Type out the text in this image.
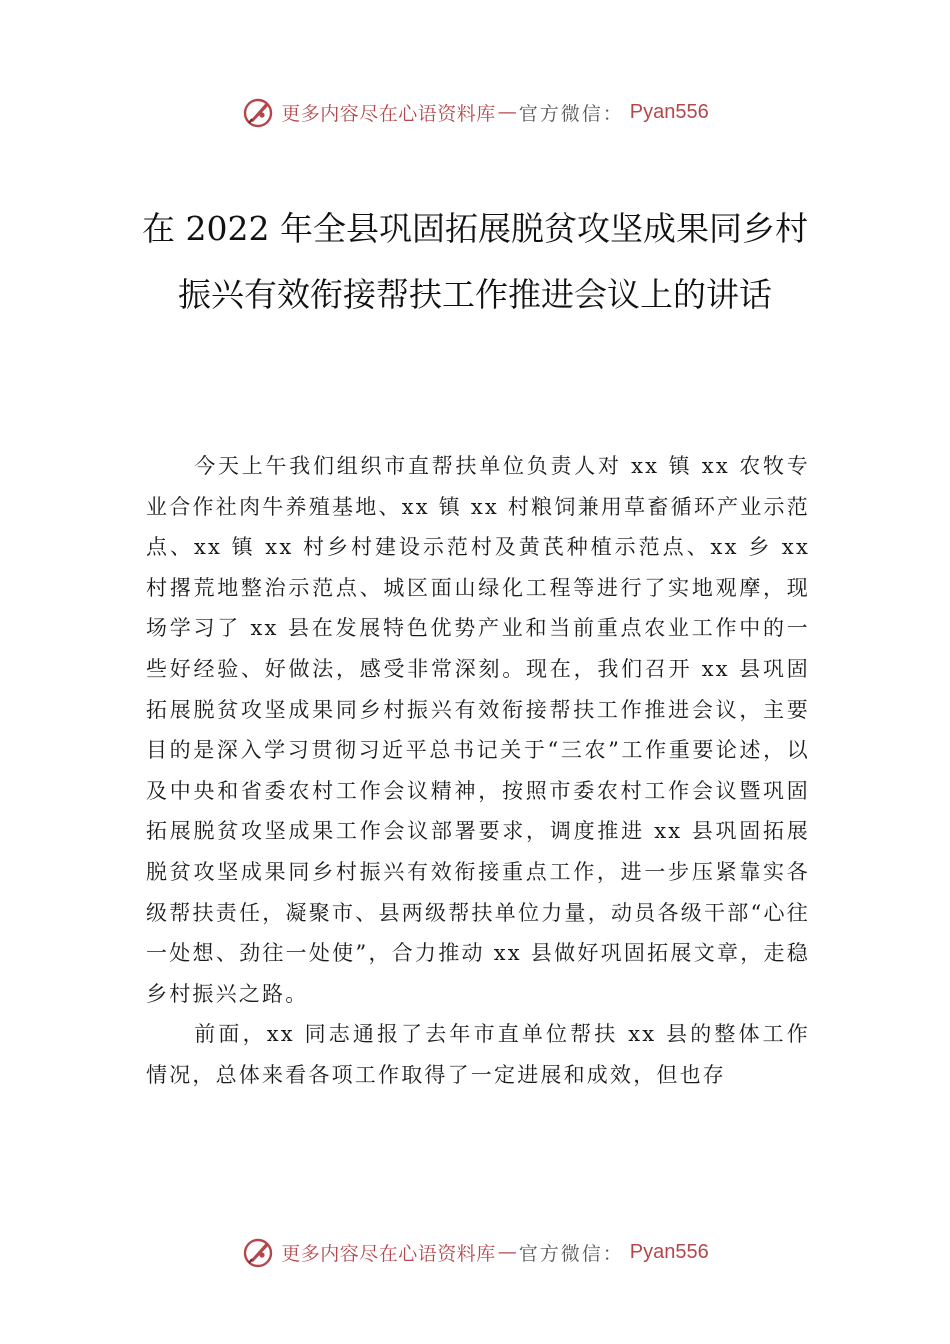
更多内容尽在心语资料库 — 官方微信： Pyan556
在 2022 年全县巩固拓展脱贫攻坚成果同乡村振兴有效衔接帮扶工作推进会议上的讲话

今天上午我们组织市直帮扶单位负责人对 xx 镇 xx 农牧专业合作社肉牛养殖基地、xx 镇 xx 村粮饲兼用草畜循环产业示范点、xx 镇 xx 村乡村建设示范村及黄芪种植示范点、xx 乡 xx 村撂荒地整治示范点、城区面山绿化工程等进行了实地观摩，现场学习了 xx 县在发展特色优势产业和当前重点农业工作中的一些好经验、好做法，感受非常深刻。现在，我们召开 xx 县巩固拓展脱贫攻坚成果同乡村振兴有效衔接帮扶工作推进会议，主要目的是深入学习贯彻习近平总书记关于“三农”工作重要论述，以及中央和省委农村工作会议精神，按照市委农村工作会议暨巩固拓展脱贫攻坚成果工作会议部署要求，调度推进 xx 县巩固拓展脱贫攻坚成果同乡村振兴有效衔接重点工作，进一步压紧靠实各级帮扶责任，凝聚市、县两级帮扶单位力量，动员各级干部“心往一处想、劲往一处使”，合力推动 xx 县做好巩固拓展文章，走稳乡村振兴之路。

前面，xx 同志通报了去年市直单位帮扶 xx 县的整体工作情况，总体来看各项工作取得了一定进展和成效，但也存

更多内容尽在心语资料库 — 官方微信： Pyan556
